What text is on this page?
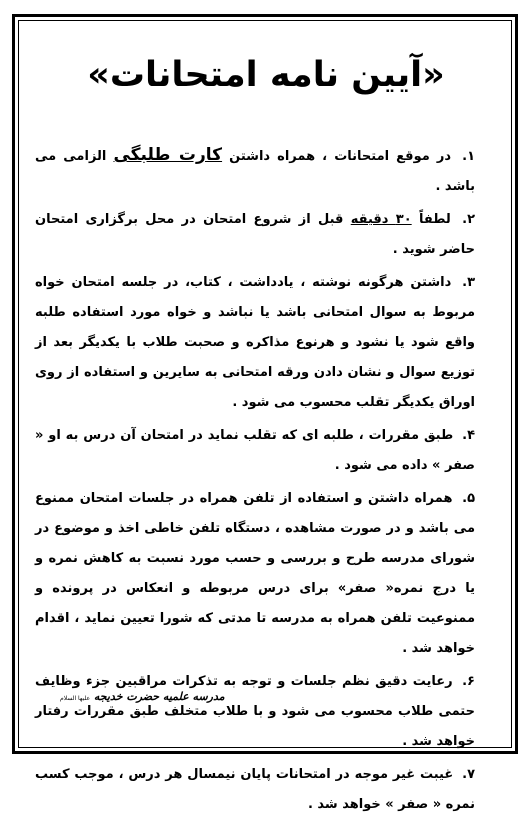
«آیین نامه امتحانات»

۱. در موقع امتحانات ، همراه داشتن کارت طلبگی الزامی می باشد .

۲. لطفاً ۳۰ دقیقه قبل از شروع امتحان در محل برگزاری امتحان حاضر شوید .

۳. داشتن هرگونه نوشته ، یادداشت ، کتاب، در جلسه امتحان خواه مربوط به سوال امتحانی باشد یا نباشد و خواه مورد استفاده طلبه واقع شود یا نشود و هرنوع مذاکره و صحبت طلاب با یکدیگر بعد از توزیع سوال و نشان دادن ورقه امتحانی به سایرین و استفاده از روی اوراق یکدیگر تقلب محسوب می شود .

۴. طبق مقررات ، طلبه ای که تقلب نماید در امتحان آن درس به او « صفر » داده می شود .

۵. همراه داشتن و استفاده از تلفن همراه در جلسات امتحان ممنوع می باشد و در صورت مشاهده ، دستگاه تلفن خاطی اخذ و موضوع در شورای مدرسه طرح و بررسی و حسب مورد نسبت به کاهش نمره و یا درج نمره« صفر» برای درس مربوطه و انعکاس در پرونده و ممنوعیت تلفن همراه به مدرسه تا مدتی که شورا تعیین نماید ، اقدام خواهد شد .

۶. رعایت دقیق نظم جلسات و توجه به تذکرات مراقبین جزء وظایف حتمی طلاب محسوب می شود و با طلاب متخلف طبق مقررات رفتار خواهد شد .

۷. غیبت غیر موجه در امتحانات پایان نیمسال هر درس ، موجب کسب نمره « صفر » خواهد شد .

مدرسه علمیه حضرت خدیجه علیها السلام
